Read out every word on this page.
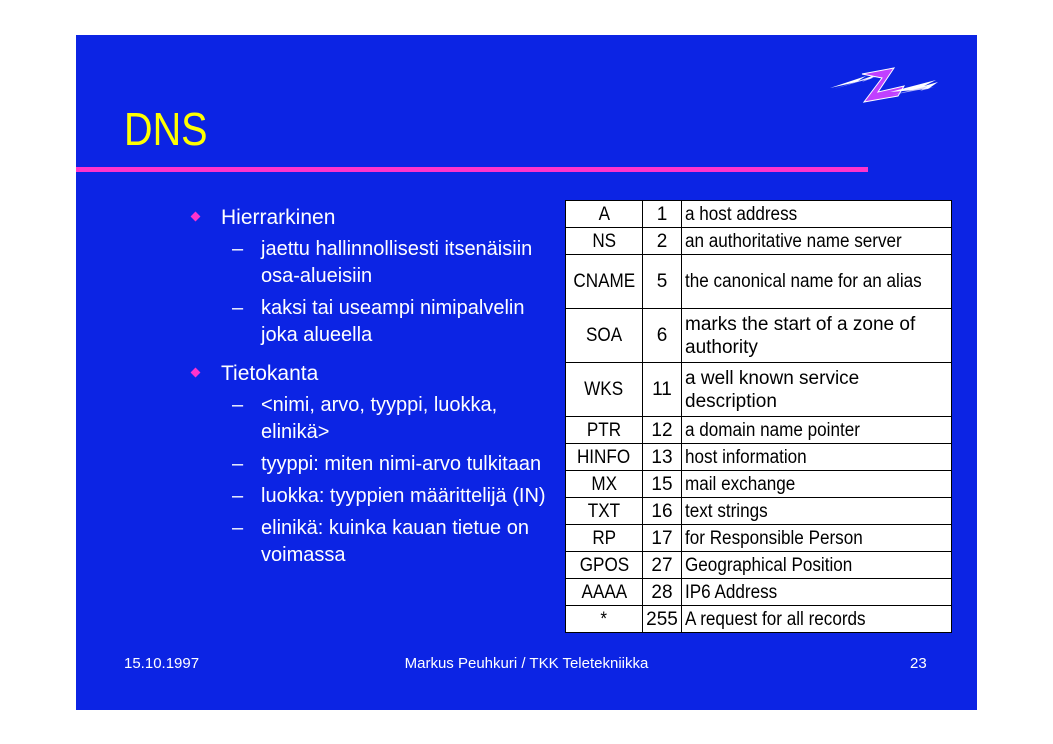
DNS
Hierrarkinen
– jaettu hallinnollisesti itsenäisiin osa-alueisiin
– kaksi tai useampi nimipalvelin joka alueella
Tietokanta
– <nimi, arvo, tyyppi, luokka, elinikä>
– tyyppi: miten nimi-arvo tulkitaan
– luokka: tyyppien määrittelijä (IN)
– elinikä: kuinka kauan tietue on voimassa
A	1	a host address
NS	2	an authoritative name server
CNAME	5	the canonical name for an alias
SOA	6	marks the start of a zone of authority
WKS	11	a well known service description
PTR	12	a domain name pointer
HINFO	13	host information
MX	15	mail exchange
TXT	16	text strings
RP	17	for Responsible Person
GPOS	27	Geographical Position
AAAA	28	IP6 Address
*	255	A request for all records
15.10.1997	Markus Peuhkuri / TKK Teletekniikka	23
